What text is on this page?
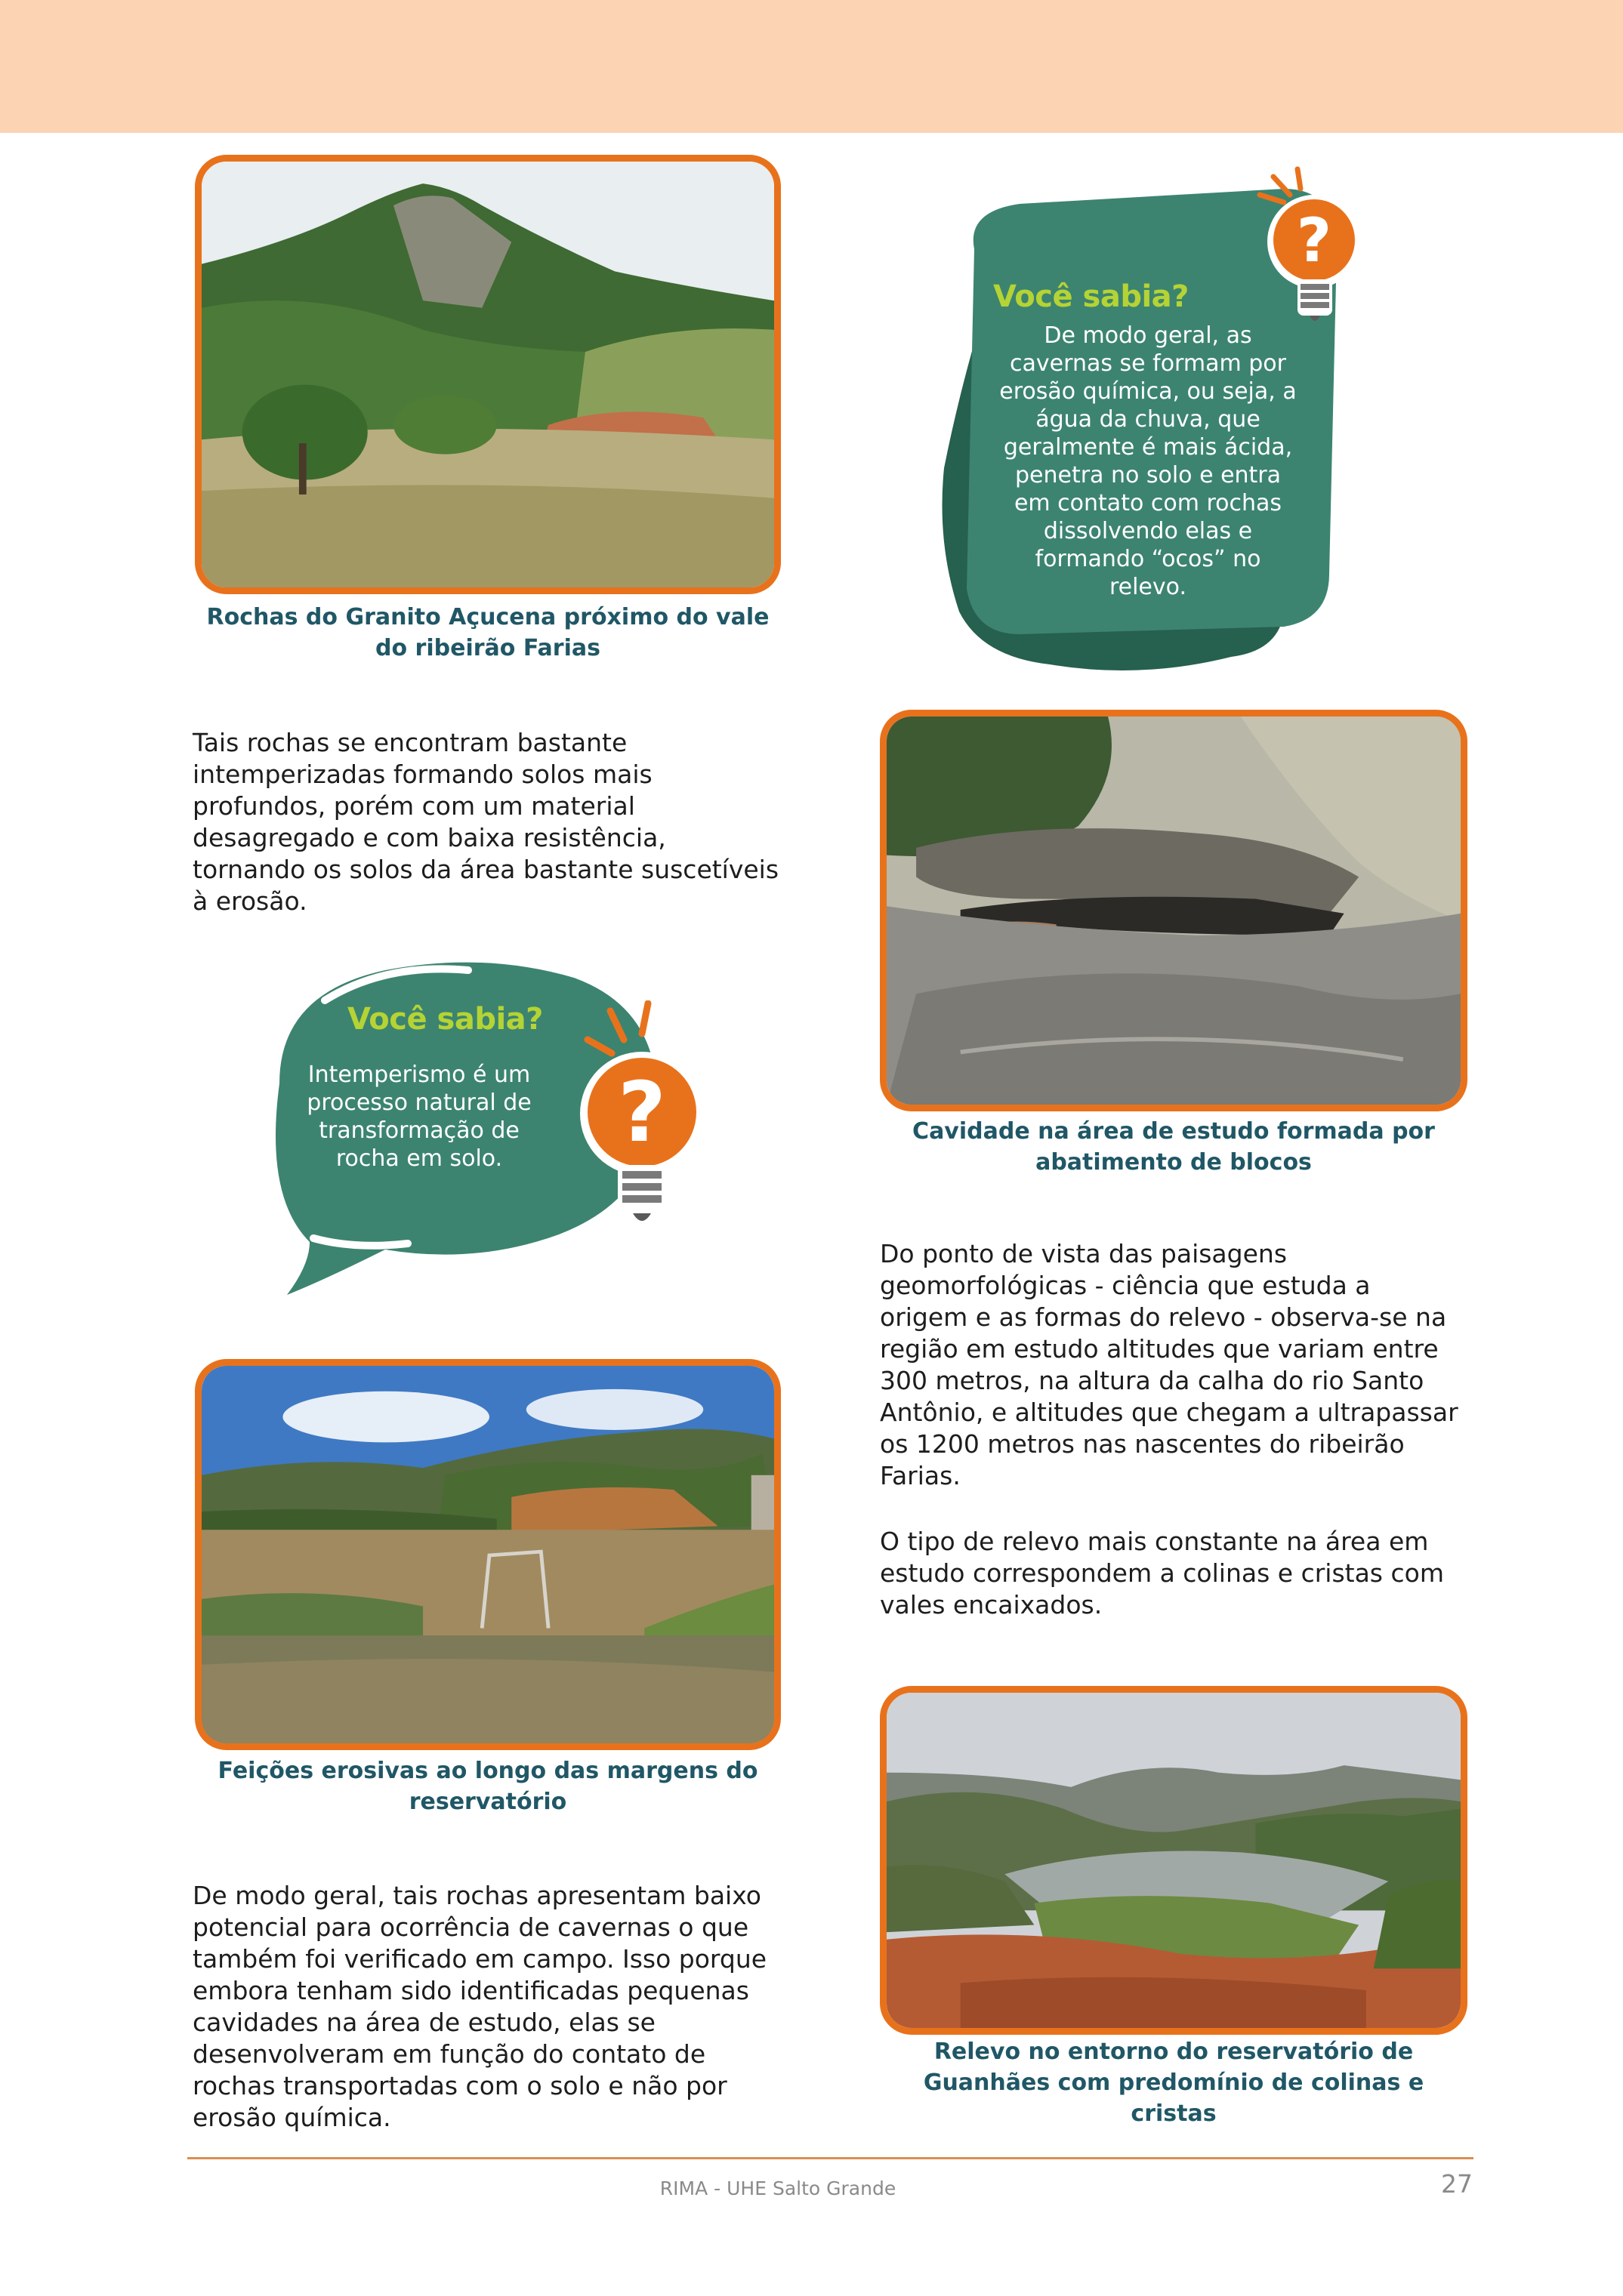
Rochas do Granito Açucena próximo do vale do ribeirão Farias
?
Você sabia?
De modo geral, as
cavernas se formam por
erosão química, ou seja, a
água da chuva, que
geralmente é mais ácida,
penetra no solo e entra
em contato com rochas
dissolvendo elas e
formando “ocos” no
relevo.
Tais rochas se encontram bastante
intemperizadas formando solos mais
profundos, porém com um material
desagregado e com baixa resistência,
tornando os solos da área bastante suscetíveis
à erosão.
Cavidade na área de estudo formada por abatimento de blocos
?
Você sabia?
Intemperismo é um
processo natural de
transformação de
rocha em solo.
Do ponto de vista das paisagens
geomorfológicas - ciência que estuda a
origem e as formas do relevo - observa-se na
região em estudo altitudes que variam entre
300 metros, na altura da calha do rio Santo
Antônio, e altitudes que chegam a ultrapassar
os 1200 metros nas nascentes do ribeirão
Farias.
O tipo de relevo mais constante na área em
estudo correspondem a colinas e cristas com
vales encaixados.
Feições erosivas ao longo das margens do reservatório
Relevo no entorno do reservatório de Guanhães com predomínio de colinas e cristas
De modo geral, tais rochas apresentam baixo
potencial para ocorrência de cavernas o que
também foi verificado em campo. Isso porque
embora tenham sido identificadas pequenas
cavidades na área de estudo, elas se
desenvolveram em função do contato de
rochas transportadas com o solo e não por
erosão química.
RIMA - UHE Salto Grande	27
